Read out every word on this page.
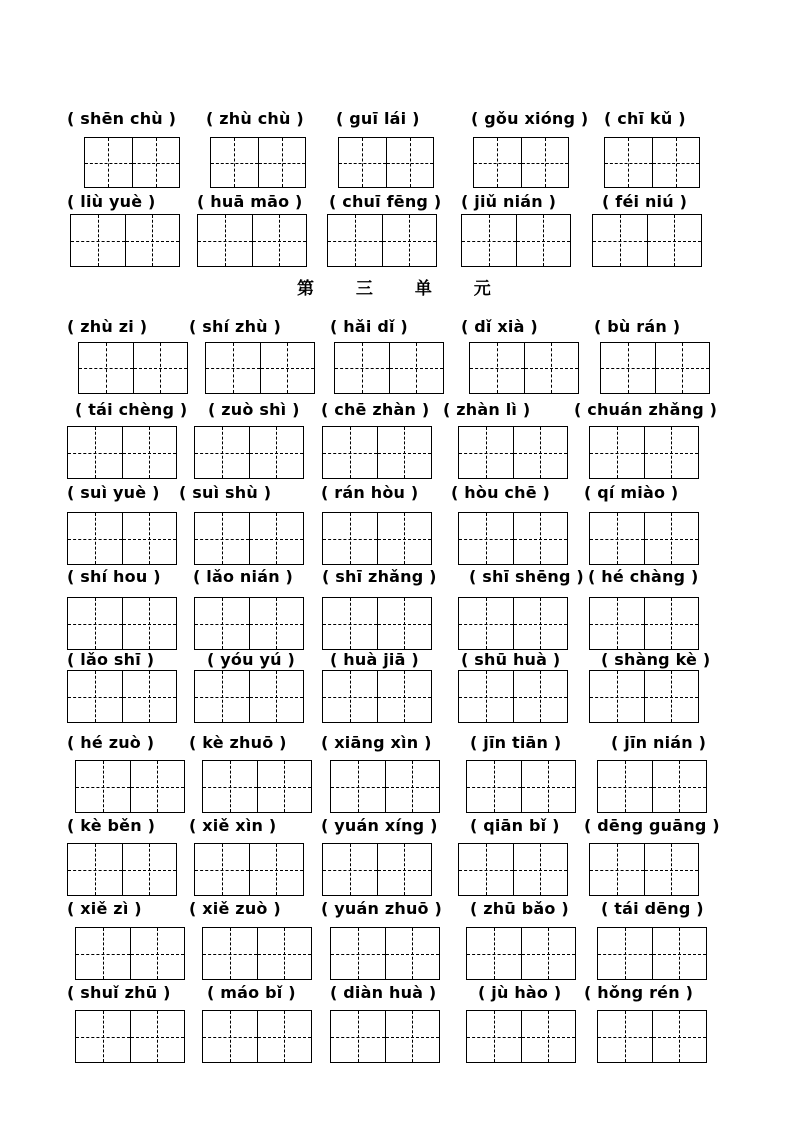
第 三 单 元
( shēn chù ) ( zhù chù ) ( guī lái )	( gǒu xióng ) ( chī kǔ )
( liù yuè )	( huā māo ) ( chuī fēng ) ( jiǔ nián )	( féi niú )
( zhù zi )	( shí zhù )	( hǎi dǐ )	( dǐ xià )	( bù rán )
( tái chèng ) ( zuò shì ) ( chē zhàn ) ( zhàn lì )	( chuán zhǎng )
( suì yuè ) ( suì shù )	( rán hòu ) ( hòu chē ) ( qí miào )
( shí hou ) ( lǎo nián ) ( shī zhǎng ) ( shī shēng ) ( hé chàng )
( lǎo shī )	( yóu yú ) ( huà jiā )	( shū huà )	( shàng kè )
( hé zuò ) ( kè zhuō ) ( xiāng xìn ) ( jīn tiān )	( jīn nián )
( kè běn ) ( xiě xìn )	( yuán xíng ) ( qiān bǐ ) ( dēng guāng )
( xiě zì )	( xiě zuò )	( yuán zhuō ) ( zhū bǎo ) ( tái dēng )
( shuǐ zhū ) ( máo bǐ ) ( diàn huà )	( jù hào ) ( hǒng rén )
